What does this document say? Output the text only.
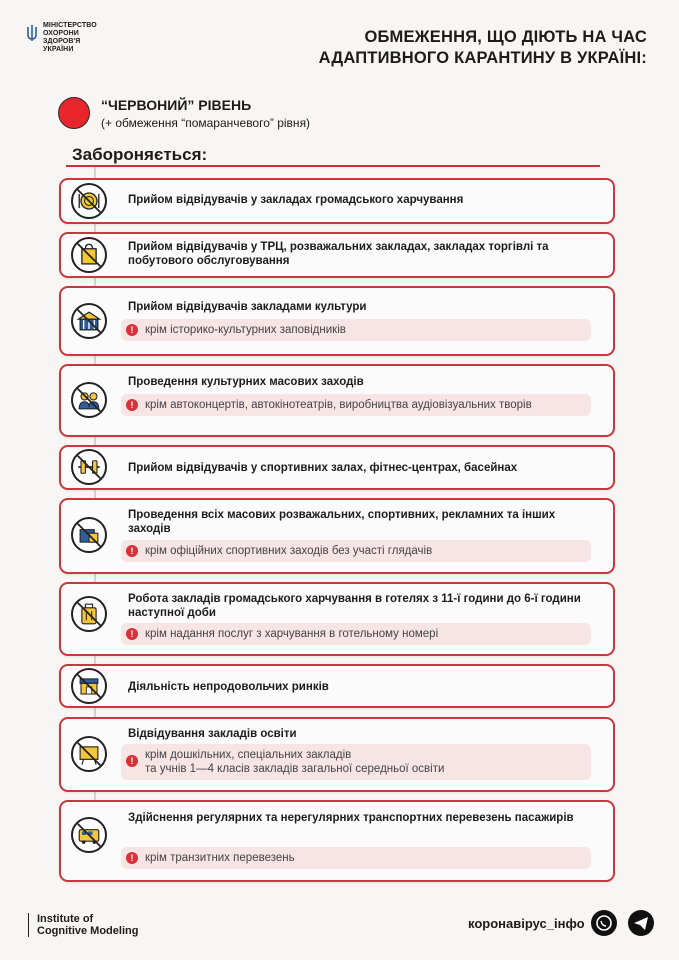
МІНІСТЕРСТВО
ОХОРОНИ
ЗДОРОВ'Я
УКРАЇНИ
ОБМЕЖЕННЯ, ЩО ДІЮТЬ НА ЧАС
АДАПТИВНОГО КАРАНТИНУ В УКРАЇНІ:
“ЧЕРВОНИЙ” РІВЕНЬ
(+ обмеження “помаранчевого” рівня)
Забороняється:
Прийом відвідувачів у закладах громадського харчування
Прийом відвідувачів у ТРЦ, розважальних закладах, закладах торгівлі та побутового обслуговування
Прийом відвідувачів закладами культури
!	крім історико-культурних заповідників
Проведення культурних масових заходів
!	крім автоконцертів, автокінотеатрів, виробництва аудіовізуальних творів
Прийом відвідувачів у спортивних залах, фітнес-центрах, басейнах
Проведення всіх масових розважальних, спортивних, рекламних та інших заходів
!	крім офіційних спортивних заходів без участі глядачів
Робота закладів громадського харчування в готелях з 11-ї години до 6-ї години наступної доби
!	крім надання послуг з харчування в готельному номері
Діяльність непродовольчих ринків
Відвідування закладів освіти
!	крім дошкільних, спеціальних закладів
та учнів 1—4 класів закладів загальної середньої освіти
Здійснення регулярних та нерегулярних транспортних перевезень пасажирів
!	крім транзитних перевезень
Institute of
Cognitive Modeling	коронавірус_інфо
